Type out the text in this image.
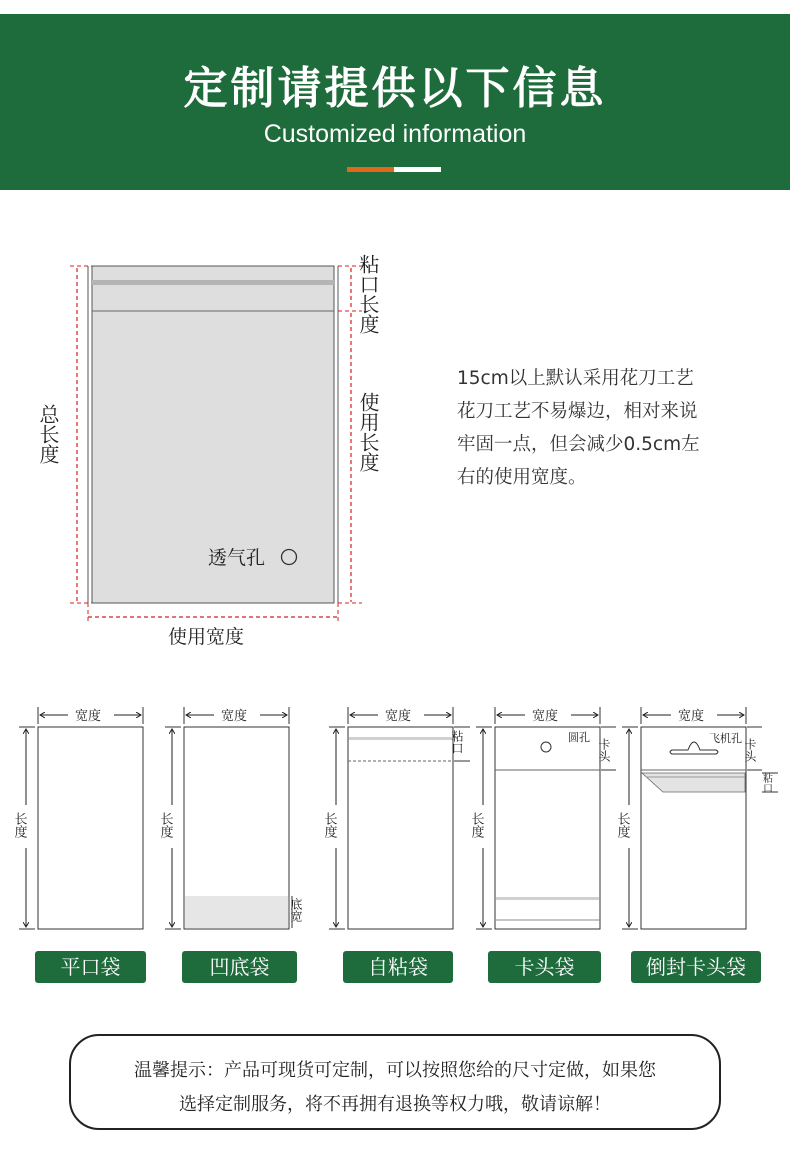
定制请提供以下信息
Customized information
粘口长度
使用长度
总长度
使用宽度
透气孔
15cm以上默认采用花刀工艺
花刀工艺不易爆边，相对来说
牢固一点，但会减少0.5cm左
右的使用宽度。
宽度
长度
宽度
长度
底宽
宽度
长度
粘口	圆孔
宽度
长度
卡头	飞机孔
宽度
长度
卡头
粘口
平口袋	凹底袋	自粘袋	卡头袋	倒封卡头袋
温馨提示：产品可现货可定制，可以按照您给的尺寸定做，如果您
选择定制服务，将不再拥有退换等权力哦，敬请谅解！
